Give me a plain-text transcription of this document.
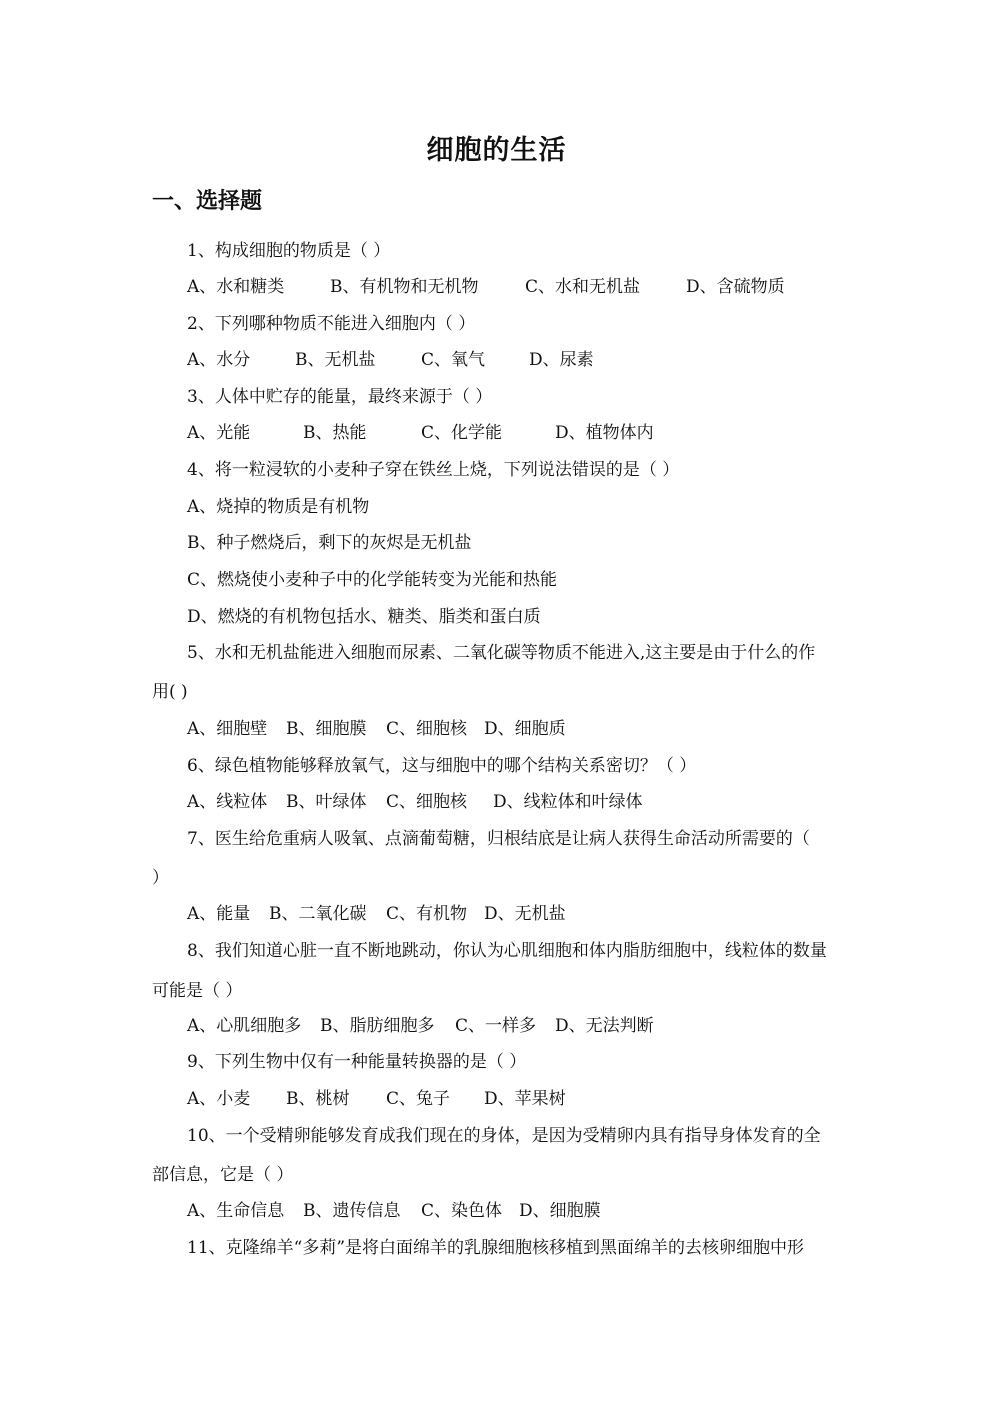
细胞的生活
一、选择题
1、构成细胞的物质是（ ）
A、水和糖类	B、有机物和无机物	C、水和无机盐	D、含硫物质
2、下列哪种物质不能进入细胞内（ ）
A、水分	B、无机盐	C、氧气	D、尿素
3、人体中贮存的能量，最终来源于（ ）
A、光能	B、热能	C、化学能	D、植物体内
4、将一粒浸软的小麦种子穿在铁丝上烧，下列说法错误的是（ ）
A、烧掉的物质是有机物
B、种子燃烧后，剩下的灰烬是无机盐
C、燃烧使小麦种子中的化学能转变为光能和热能
D、燃烧的有机物包括水、糖类、脂类和蛋白质
5、水和无机盐能进入细胞而尿素、二氧化碳等物质不能进入,这主要是由于什么的作
用( )
A、细胞壁 B、细胞膜 C、细胞核 D、细胞质
6、绿色植物能够释放氧气，这与细胞中的哪个结构关系密切？（ ）
A、线粒体 B、叶绿体 C、细胞核 D、线粒体和叶绿体
7、医生给危重病人吸氧、点滴葡萄糖，归根结底是让病人获得生命活动所需要的（
）
A、能量 B、二氧化碳 C、有机物 D、无机盐
8、我们知道心脏一直不断地跳动，你认为心肌细胞和体内脂肪细胞中，线粒体的数量
可能是（ ）
A、心肌细胞多 B、脂肪细胞多 C、一样多 D、无法判断
9、下列生物中仅有一种能量转换器的是（ ）
A、小麦 B、桃树 C、兔子 D、苹果树
10、一个受精卵能够发育成我们现在的身体，是因为受精卵内具有指导身体发育的全
部信息，它是（ ）
A、生命信息 B、遗传信息 C、染色体 D、细胞膜
11、克隆绵羊“多莉”是将白面绵羊的乳腺细胞核移植到黑面绵羊的去核卵细胞中形
